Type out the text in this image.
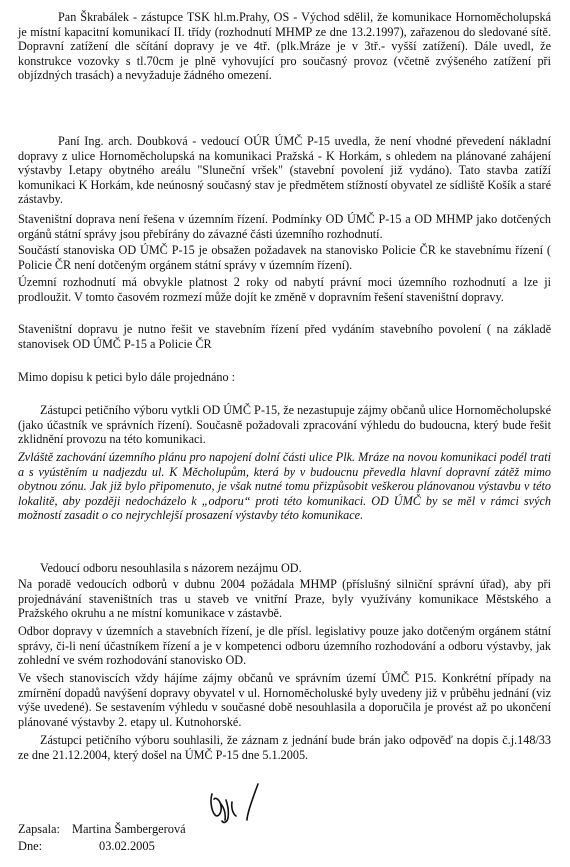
Pan Škrabálek - zástupce TSK hl.m.Prahy, OS - Východ sdělil, že komunikace Hornoměcholupská je místní kapacitní komunikací II. třídy (rozhodnutí MHMP ze dne 13.2.1997), zařazenou do sledované sítě. Dopravní zatížení dle sčítání dopravy je ve 4tř. (plk.Mráze je v 3tř.- vyšší zatížení). Dále uvedl, že konstrukce vozovky s tl.70cm je plně vyhovující pro současný provoz (včetně zvýšeného zatížení při objízdných trasách) a nevyžaduje žádného omezení.

Paní Ing. arch. Doubková - vedoucí OÚR ÚMČ P-15 uvedla, že není vhodné převedení nákladní dopravy z ulice Hornoměcholupská na komunikaci Pražská - K Horkám, s ohledem na plánované zahájení výstavby I.etapy obytného areálu "Sluneční vršek" (stavební povolení již vydáno). Tato stavba zatíží komunikaci K Horkám, kde neúnosný současný stav je předmětem stížností obyvatel ze sídliště Košík a staré zástavby.

Staveništní doprava není řešena v územním řízení. Podmínky OD ÚMČ P-15 a OD MHMP jako dotčených orgánů státní správy jsou přebírány do závazné části územního rozhodnutí.

Součástí stanoviska OD ÚMČ P-15 je obsažen požadavek na stanovisko Policie ČR ke stavebnímu řízení ( Policie ČR není dotčeným orgánem státní správy v územním řízení).

Územní rozhodnutí má obvykle platnost 2 roky od nabytí právní moci územního rozhodnutí a lze ji prodloužit. V tomto časovém rozmezí může dojít ke změně v dopravním řešení staveništní dopravy.

Staveništní dopravu je nutno řešit ve stavebním řízení před vydáním stavebního povolení ( na základě stanovisek OD ÚMČ P-15 a Policie ČR

Mimo dopisu k petici bylo dále projednáno :

Zástupci petičního výboru vytkli OD ÚMČ P-15, že nezastupuje zájmy občanů ulice Hornoměcholupské (jako účastník ve správních řízení). Současně požadovali zpracování výhledu do budoucna, který bude řešit zklidnění provozu na této komunikaci.

Zvláště zachování územního plánu pro napojení dolní části ulice Plk. Mráze na novou komunikaci podél trati a s vyústěním u nadjezdu ul. K Měcholupům, která by v budoucnu převedla hlavní dopravní zátěž mimo obytnou zónu. Jak již bylo připomenuto, je však nutné tomu přizpůsobit veškerou plánovanou výstavbu v této lokalitě, aby později nedocházelo k „odporu“ proti této komunikaci. OD ÚMČ by se měl v rámci svých možností zasadit o co nejrychlejší prosazení výstavby této komunikace.

Vedoucí odboru nesouhlasila s názorem nezájmu OD.

Na poradě vedoucích odborů v dubnu 2004 požádala MHMP (příslušný silniční správní úřad), aby při projednávání staveništních tras u staveb ve vnitřní Praze, byly využívány komunikace Městského a Pražského okruhu a ne místní komunikace v zástavbě.

Odbor dopravy v územních a stavebních řízení, je dle přísl. legislativy pouze jako dotčeným orgánem státní správy, či-li není účastníkem řízení a je v kompetenci odboru územního rozhodování a odboru výstavby, jak zohlední ve svém rozhodování stanovisko OD.

Ve všech stanoviscích vždy hájíme zájmy občanů ve správním území ÚMČ P15. Konkrétní případy na zmírnění dopadů navýšení dopravy obyvatel v ul. Hornoměcholuské byly uvedeny již v průběhu jednání (viz výše uvedené). Se sestavením výhledu v současné době nesouhlasila a doporučila je provést až po ukončení plánované výstavby 2. etapy ul. Kutnohorské.

Zástupci petičního výboru souhlasili, že záznam z jednání bude brán jako odpověď na dopis č.j.148/33 ze dne 21.12.2004, který došel na ÚMČ P-15 dne 5.1.2005.

Zapsala: Martina Šambergerová
Dne:	03.02.2005
